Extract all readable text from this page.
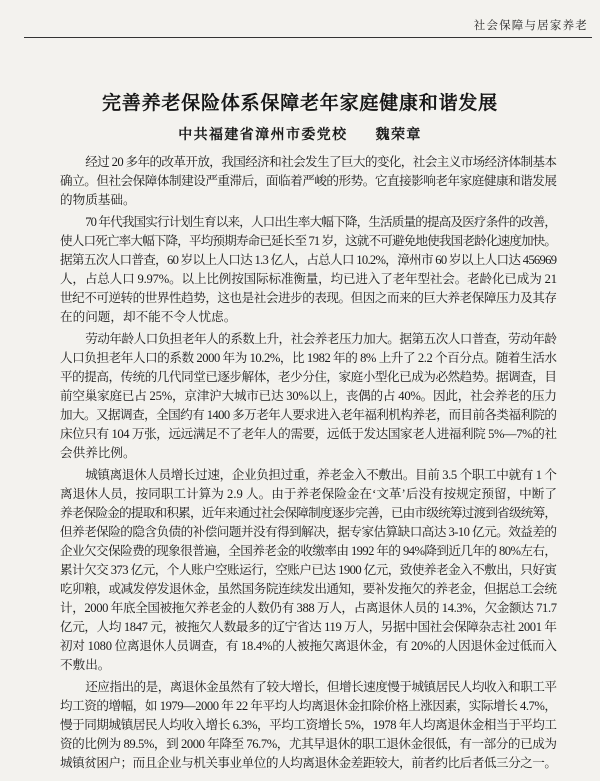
社会保障与居家养老
完善养老保险体系保障老年家庭健康和谐发展
中共福建省漳州市委党校 魏荣章
经过 20 多年的改革开放，我国经济和社会发生了巨大的变化，社会主义市场经济体制基本
确立。但社会保障体制建设严重滞后，面临着严峻的形势。它直接影响老年家庭健康和谐发展
的物质基础。
70 年代我国实行计划生育以来，人口出生率大幅下降，生活质量的提高及医疗条件的改善，
使人口死亡率大幅下降，平均预期寿命已延长至 71 岁，这就不可避免地使我国老龄化速度加快。
据第五次人口普查，60 岁以上人口达 1.3 亿人，占总人口 10.2%，漳州市 60 岁以上人口达 456969
人，占总人口 9.97%。以上比例按国际标准衡量，均已进入了老年型社会。老龄化已成为 21
世纪不可逆转的世界性趋势，这也是社会进步的表现。但因之而来的巨大养老保障压力及其存
在的问题，却不能不令人忧虑。
劳动年龄人口负担老年人的系数上升，社会养老压力加大。据第五次人口普查，劳动年龄
人口负担老年人口的系数 2000 年为 10.2%，比 1982 年的 8% 上升了 2.2 个百分点。随着生活水
平的提高，传统的几代同堂已逐步解体，老少分住，家庭小型化已成为必然趋势。据调查，目
前空巢家庭已占 25%，京津沪大城市已达 30%以上，丧偶的占 40%。因此，社会养老的压力
加大。又据调查，全国约有 1400 多万老年人要求进入老年福利机构养老，而目前各类福利院的
床位只有 104 万张，远远满足不了老年人的需要，远低于发达国家老人进福利院 5%—7%的社
会供养比例。
城镇离退休人员增长过速，企业负担过重，养老金入不敷出。目前 3.5 个职工中就有 1 个
离退休人员，按同职工计算为 2.9 人。由于养老保险金在‘文革’后没有按规定预留，中断了
养老保险金的提取和积累，近年来通过社会保障制度逐步完善，已由市级统筹过渡到省级统筹，
但养老保险的隐含负债的补偿问题并没有得到解决，据专家估算缺口高达 3-10 亿元。效益差的
企业欠交保险费的现象很普遍，全国养老金的收缴率由 1992 年的 94%降到近几年的 80%左右，
累计欠交 373 亿元，个人账户空账运行，空账户已达 1900 亿元，致使养老金入不敷出，只好寅
吃卯粮，或减发停发退休金，虽然国务院连续发出通知，要补发拖欠的养老金，但据总工会统
计，2000 年底全国被拖欠养老金的人数仍有 388 万人，占离退休人员的 14.3%，欠金额达 71.7
亿元，人均 1847 元，被拖欠人数最多的辽宁省达 119 万人，另据中国社会保障杂志社 2001 年
初对 1080 位离退休人员调查，有 18.4%的人被拖欠离退休金，有 20%的人因退休金过低而入
不敷出。
还应指出的是，离退休金虽然有了较大增长，但增长速度慢于城镇居民人均收入和职工平
均工资的增幅，如 1979—2000 年 22 年平均人均离退休金扣除价格上涨因素，实际增长 4.7%，
慢于同期城镇居民人均收入增长 6.3%，平均工资增长 5%，1978 年人均离退休金相当于平均工
资的比例为 89.5%，到 2000 年降至 76.7%，尤其早退休的职工退休金很低，有一部分的已成为
城镇贫困户；而且企业与机关事业单位的人均离退休金差距较大，前者约比后者低三分之一。
